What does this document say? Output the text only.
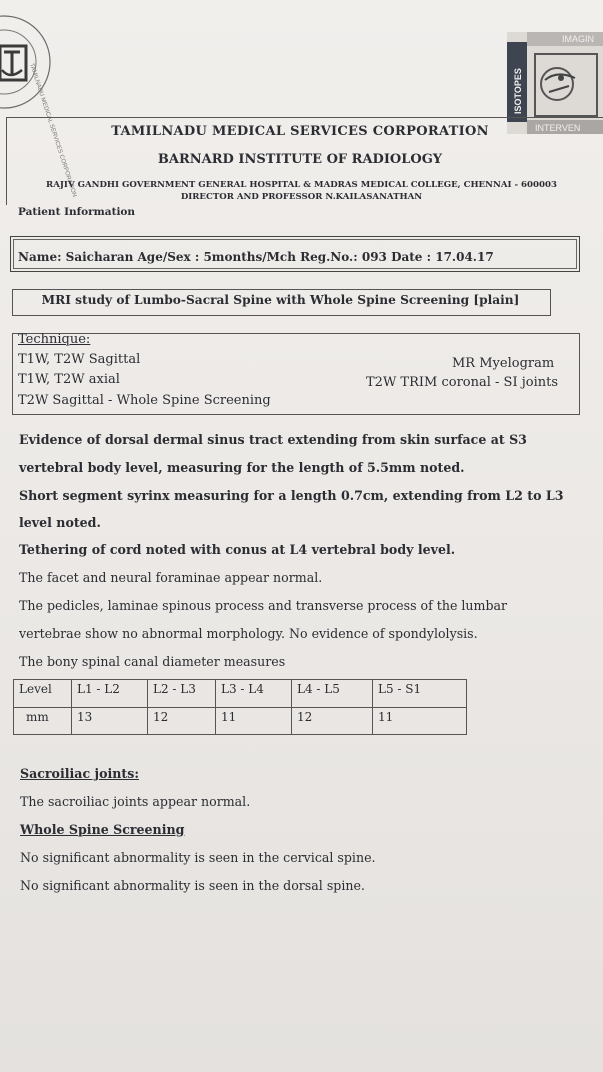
TAMILNADU MEDICAL SERVICES CORPORATION
IMAGIN
ISOTOPES
INTERVEN
TAMILNADU MEDICAL SERVICES CORPORATION
BARNARD INSTITUTE OF RADIOLOGY
RAJIV GANDHI GOVERNMENT GENERAL HOSPITAL & MADRAS MEDICAL COLLEGE, CHENNAI - 600003
DIRECTOR AND PROFESSOR N.KAILASANATHAN
Patient Information
Name: Saicharan Age/Sex : 5months/Mch Reg.No.: 093 Date : 17.04.17
MRI study of Lumbo-Sacral Spine with Whole Spine Screening [plain]
Technique:
T1W, T2W Sagittal
T1W, T2W axial
T2W Sagittal - Whole Spine Screening
MR Myelogram
T2W TRIM coronal - SI joints
Evidence of dorsal dermal sinus tract extending from skin surface at S3
vertebral body level, measuring for the length of 5.5mm noted.
Short segment syrinx measuring for a length 0.7cm, extending from L2 to L3
level noted.
Tethering of cord noted with conus at L4 vertebral body level.
The facet and neural foraminae appear normal.
The pedicles, laminae spinous process and transverse process of the lumbar
vertebrae show no abnormal morphology. No evidence of spondylolysis.
The bony spinal canal diameter measures
Level	L1 - L2	L2 - L3	L3 - L4	L4 - L5	L5 - S1
mm	13	12	11	12	11
Sacroiliac joints:
The sacroiliac joints appear normal.
Whole Spine Screening
No significant abnormality is seen in the cervical spine.
No significant abnormality is seen in the dorsal spine.
